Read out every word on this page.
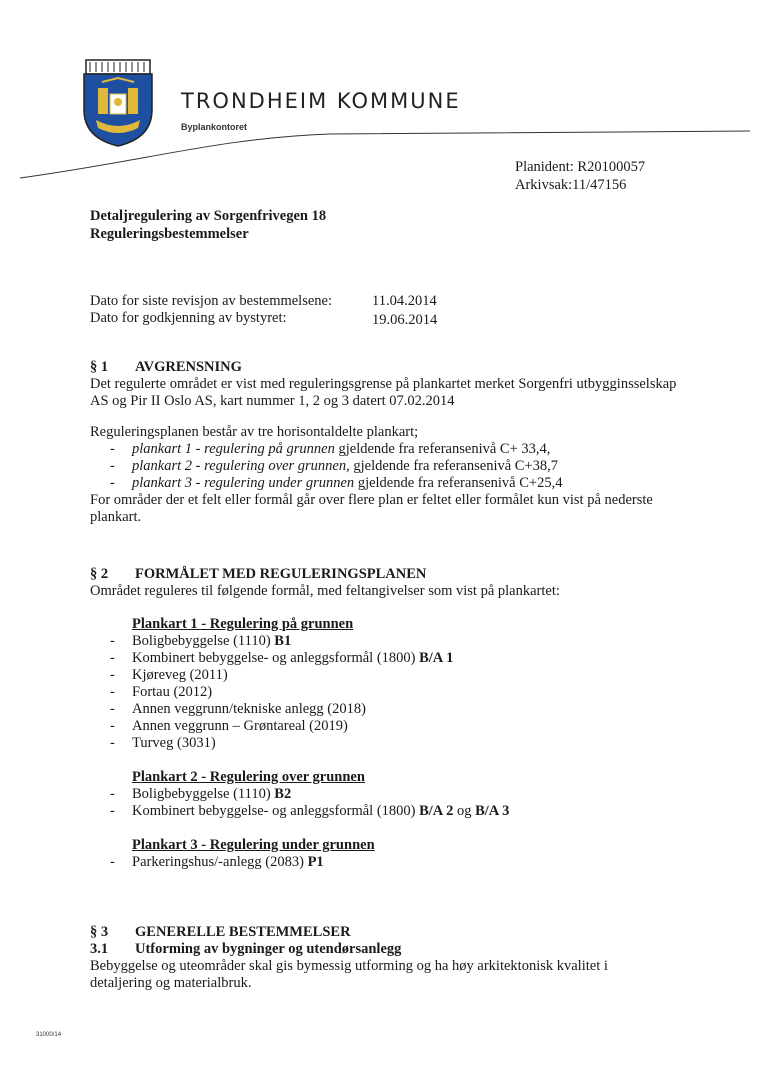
TRONDHEIM KOMMUNE
Byplankontoret
Planident: R20100057
Arkivsak:11/47156
Detaljregulering av Sorgenfrivegen 18
Reguleringsbestemmelser
Dato for siste revisjon av bestemmelsene:	11.04.2014
Dato for godkjenning av bystyret:	19.06.2014
§ 1 AVGRENSNING

Det regulerte området er vist med reguleringsgrense på plankartet merket Sorgenfri utbygginsselskap AS og Pir II Oslo AS, kart nummer 1, 2 og 3 datert 07.02.2014

Reguleringsplanen består av tre horisontaldelte plankart;

- plankart 1 - regulering på grunnen gjeldende fra referansenivå C+ 33,4,
- plankart 2 - regulering over grunnen, gjeldende fra referansenivå C+38,7
- plankart 3 - regulering under grunnen gjeldende fra referansenivå C+25,4

For områder der et felt eller formål går over flere plan er feltet eller formålet kun vist på nederste plankart.

§ 2 FORMÅLET MED REGULERINGSPLANEN

Området reguleres til følgende formål, med feltangivelser som vist på plankartet:

Plankart 1 - Regulering på grunnen
- Boligbebyggelse (1110) B1
- Kombinert bebyggelse- og anleggsformål (1800) B/A 1
- Kjøreveg (2011)
- Fortau (2012)
- Annen veggrunn/tekniske anlegg (2018)
- Annen veggrunn – Grøntareal (2019)
- Turveg (3031)
Plankart 2 - Regulering over grunnen
- Boligbebyggelse (1110) B2
- Kombinert bebyggelse- og anleggsformål (1800) B/A 2 og B/A 3
Plankart 3 - Regulering under grunnen
- Parkeringshus/-anlegg (2083) P1
§ 3 GENERELLE BESTEMMELSER
3.1 Utforming av bygninger og utendørsanlegg

Bebyggelse og uteområder skal gis bymessig utforming og ha høy arkitektonisk kvalitet i detaljering og materialbruk.

31000/14
